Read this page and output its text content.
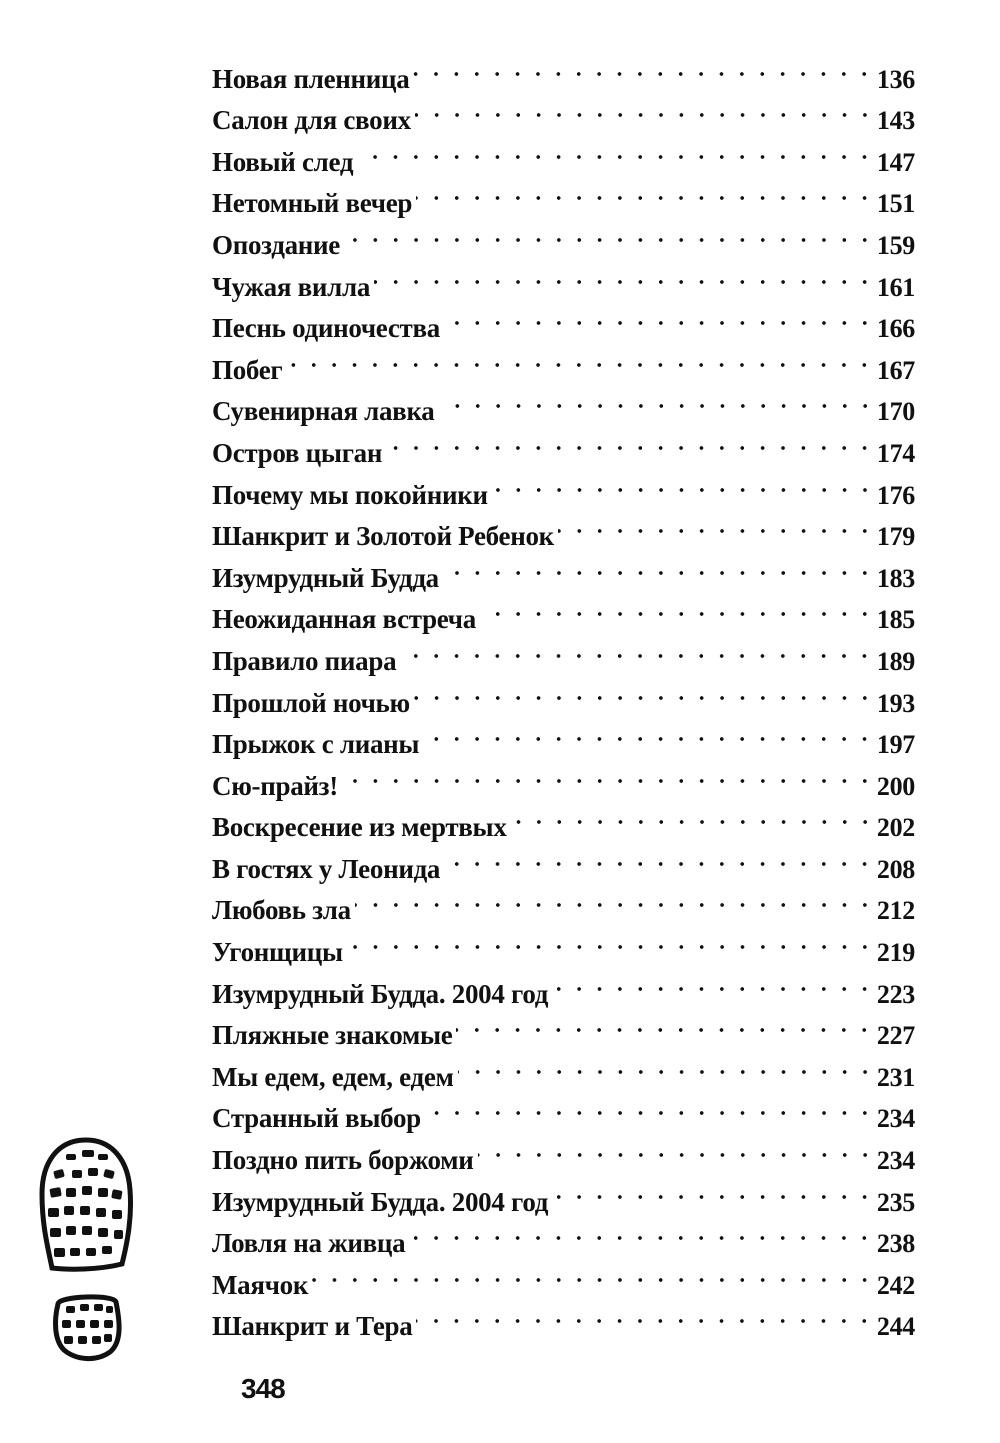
Новая пленница	136
Салон для своих	143
Новый след	147
Нетомный вечер	151
Опоздание	159
Чужая вилла	161
Песнь одиночества	166
Побег	167
Сувенирная лавка	170
Остров цыган	174
Почему мы покойники	176
Шанкрит и Золотой Ребенок	179
Изумрудный Будда	183
Неожиданная встреча	185
Правило пиара	189
Прошлой ночью	193
Прыжок с лианы	197
Сю-прайз!	200
Воскресение из мертвых	202
В гостях у Леонида	208
Любовь зла	212
Угонщицы	219
Изумрудный Будда. 2004 год	223
Пляжные знакомые	227
Мы едем, едем, едем	231
Странный выбор	234
Поздно пить боржоми	234
Изумрудный Будда. 2004 год	235
Ловля на живца	238
Маячок	242
Шанкрит и Тера	244
348
